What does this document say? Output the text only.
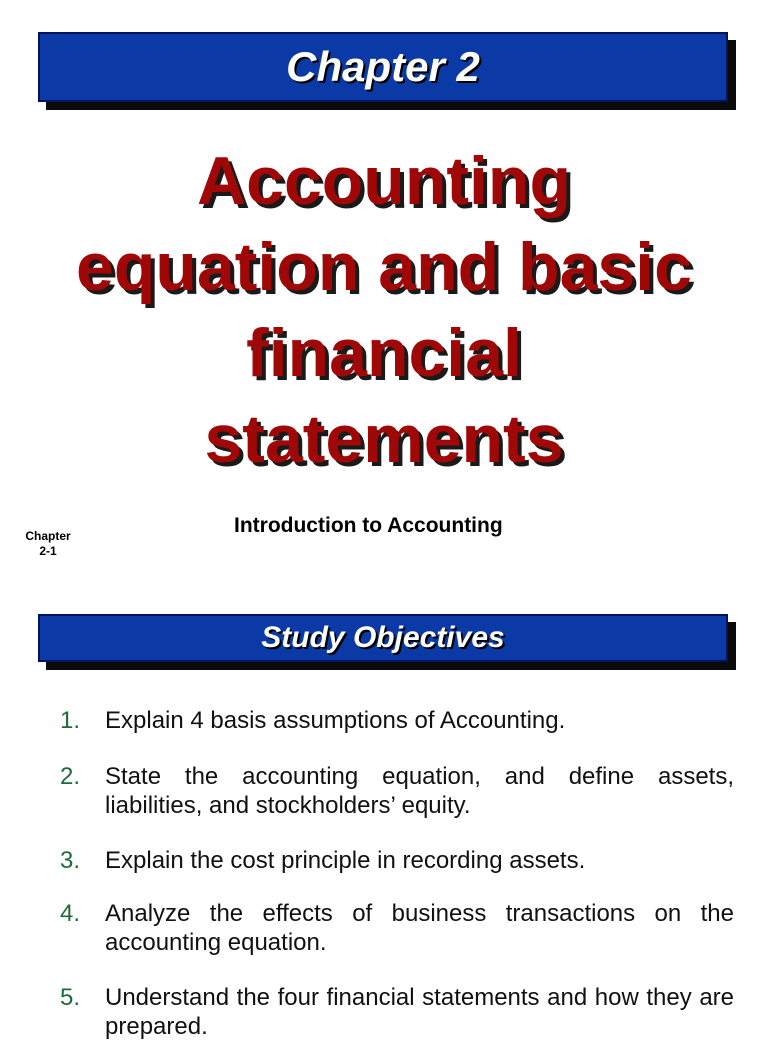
Chapter 2
Accounting
equation and basic
financial
statements
Introduction to Accounting
Chapter
2-1
Study Objectives
1. Explain 4 basis assumptions of Accounting.
2. State the accounting equation, and define assets, liabilities, and stockholders’ equity.
3. Explain the cost principle in recording assets.
4. Analyze the effects of business transactions on the accounting equation.
5. Understand the four financial statements and how they are prepared.
